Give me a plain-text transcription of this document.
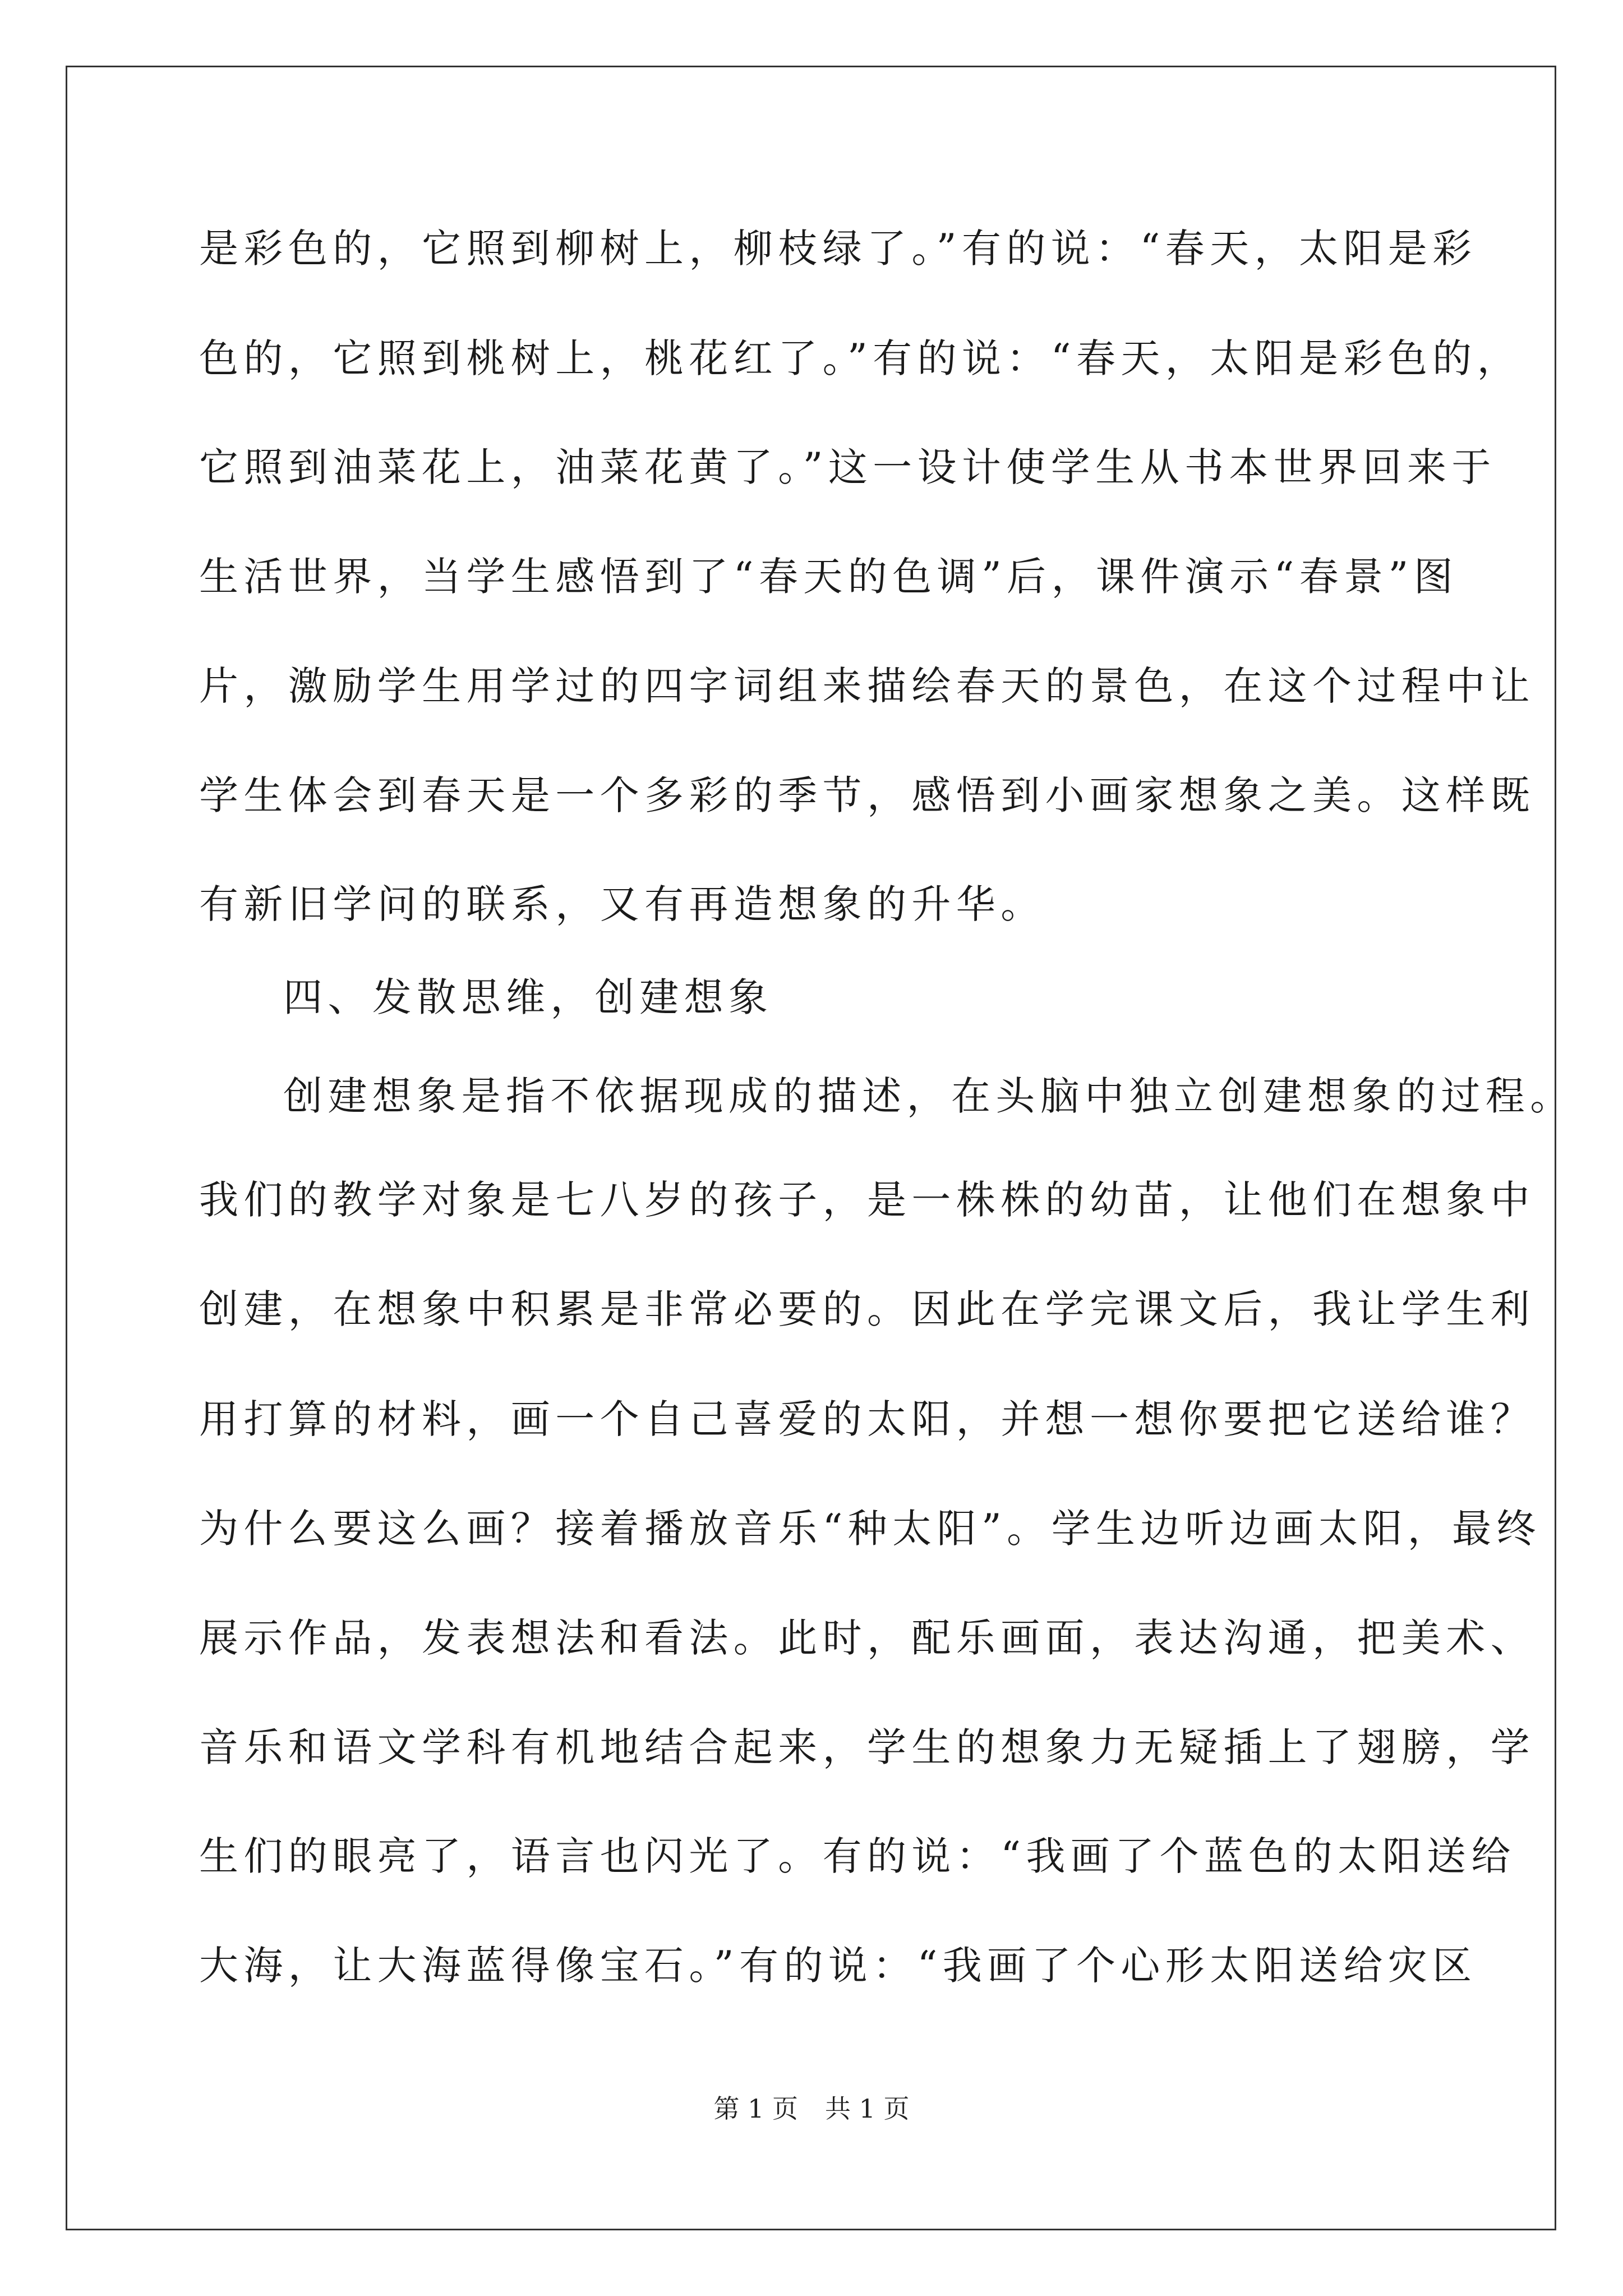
是彩色的，它照到柳树上，柳枝绿了。”有的说：“春天，太阳是彩
色的，它照到桃树上，桃花红了。”有的说：“春天，太阳是彩色的，
它照到油菜花上，油菜花黄了。”这一设计使学生从书本世界回来于
生活世界，当学生感悟到了“春天的色调”后，课件演示“春景”图
片，激励学生用学过的四字词组来描绘春天的景色，在这个过程中让
学生体会到春天是一个多彩的季节，感悟到小画家想象之美。这样既
有新旧学问的联系，又有再造想象的升华。
四、发散思维，创建想象
创建想象是指不依据现成的描述，在头脑中独立创建想象的过程。
我们的教学对象是七八岁的孩子，是一株株的幼苗，让他们在想象中
创建，在想象中积累是非常必要的。因此在学完课文后，我让学生利
用打算的材料，画一个自己喜爱的太阳，并想一想你要把它送给谁？
为什么要这么画？接着播放音乐“种太阳”。学生边听边画太阳，最终
展示作品，发表想法和看法。此时，配乐画面，表达沟通，把美术、
音乐和语文学科有机地结合起来，学生的想象力无疑插上了翅膀，学
生们的眼亮了，语言也闪光了。有的说：“我画了个蓝色的太阳送给
大海，让大海蓝得像宝石。”有的说：“我画了个心形太阳送给灾区
第 1 页 共 1 页
